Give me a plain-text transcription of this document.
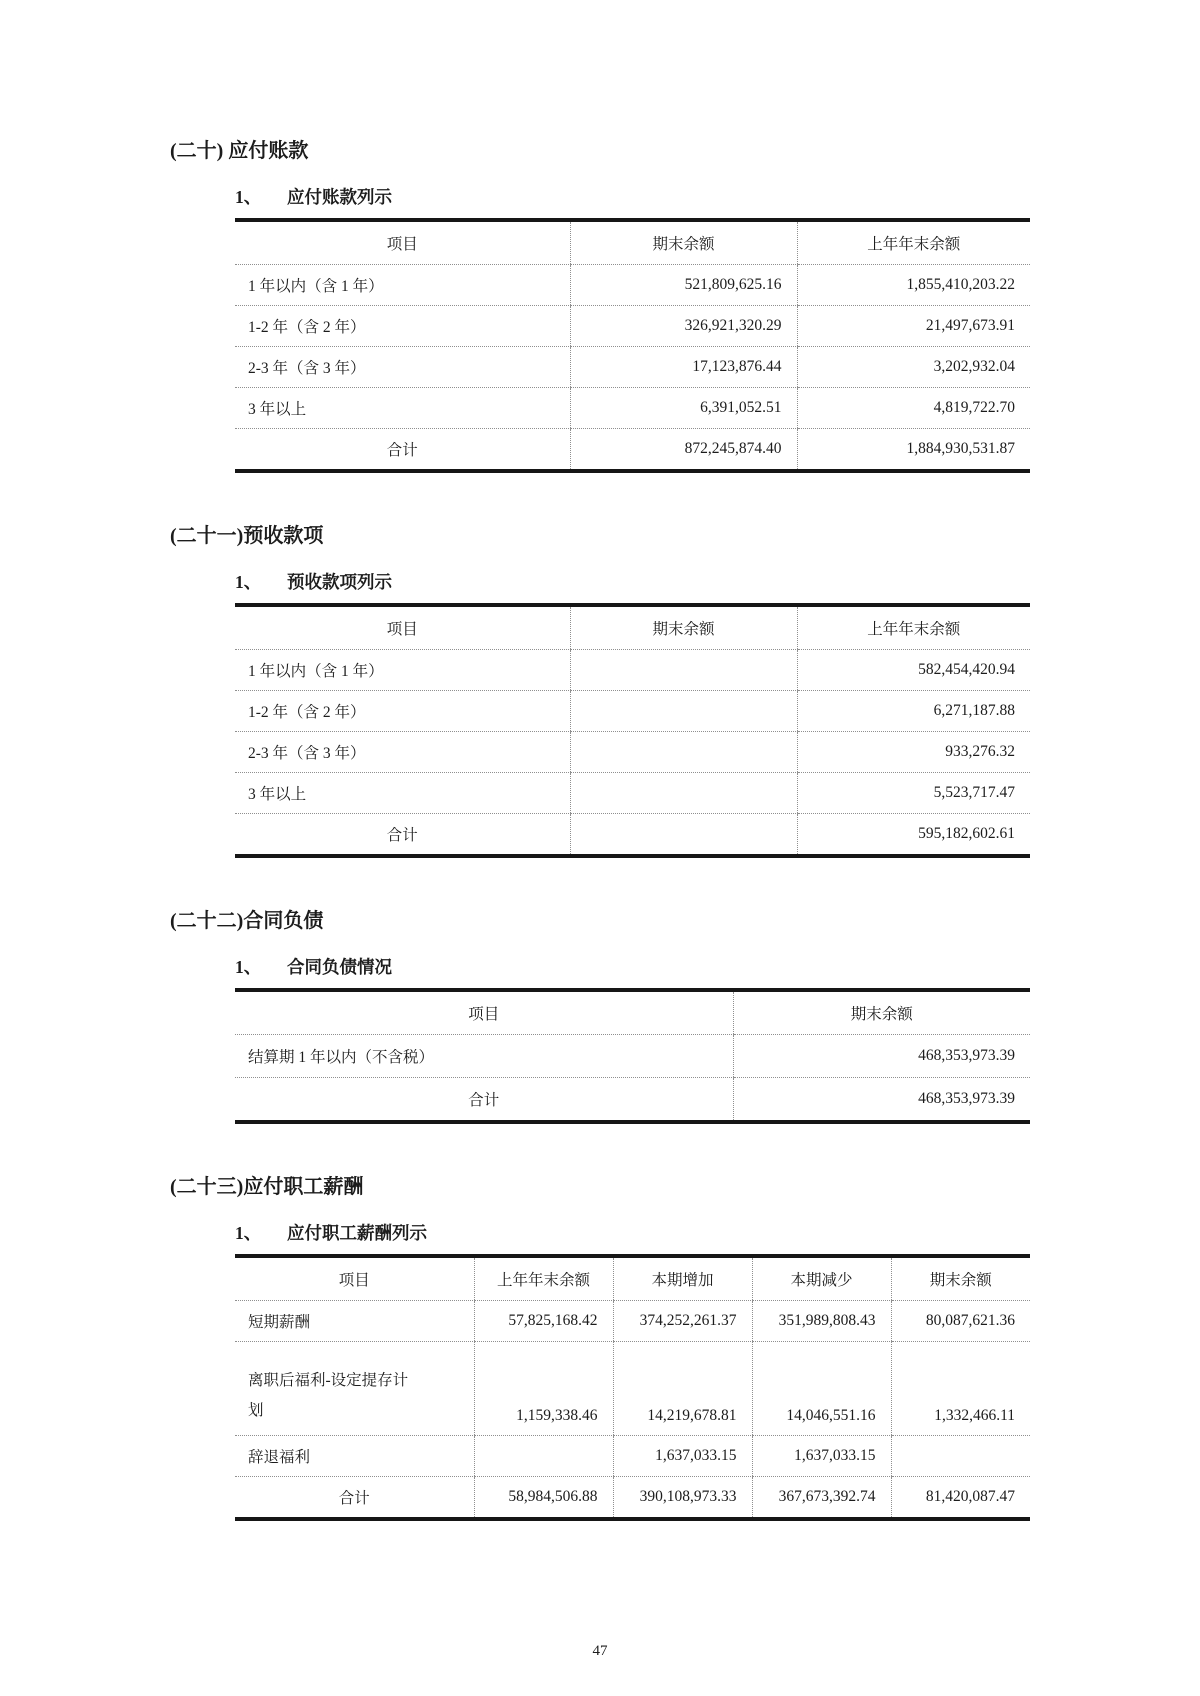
(二十) 应付账款
1、 应付账款列示
项目	期末余额	上年年末余额
1 年以内（含 1 年）	521,809,625.16	1,855,410,203.22
1-2 年（含 2 年）	326,921,320.29	21,497,673.91
2-3 年（含 3 年）	17,123,876.44	3,202,932.04
3 年以上	6,391,052.51	4,819,722.70
合计	872,245,874.40	1,884,930,531.87
(二十一)预收款项
1、 预收款项列示
项目	期末余额	上年年末余额
1 年以内（含 1 年）		582,454,420.94
1-2 年（含 2 年）		6,271,187.88
2-3 年（含 3 年）		933,276.32
3 年以上		5,523,717.47
合计		595,182,602.61
(二十二)合同负债
1、 合同负债情况
项目	期末余额
结算期 1 年以内（不含税）	468,353,973.39
合计	468,353,973.39
(二十三)应付职工薪酬
1、 应付职工薪酬列示
项目	上年年末余额	本期增加	本期减少	期末余额
短期薪酬	57,825,168.42	374,252,261.37	351,989,808.43	80,087,621.36

离职后福利-设定提存计划	1,159,338.46	14,219,678.81	14,046,551.16	1,332,466.11
辞退福利		1,637,033.15	1,637,033.15	
合计	58,984,506.88	390,108,973.33	367,673,392.74	81,420,087.47
47
